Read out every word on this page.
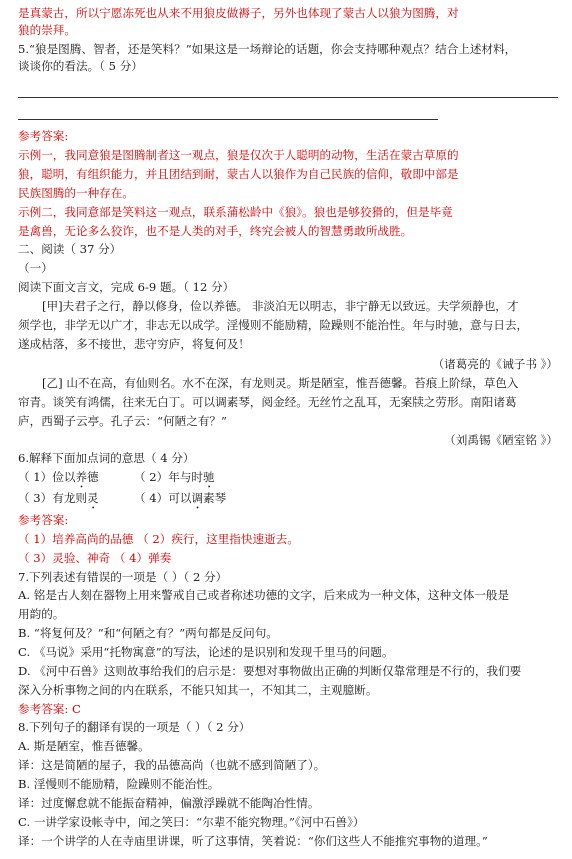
是真蒙古，所以宁愿冻死也从来不用狼皮做褥子，另外也体现了蒙古人以狼为图腾，对
狼的崇拜。
5.“狼是图腾、智者，还是笑料？”如果这是一场辩论的话题，你会支持哪种观点？结合上述材料，
谈谈你的看法。（ 5 分）
参考答案:
示例一，我同意狼是图腾制者这一观点，狼是仅次于人聪明的动物，生活在蒙古草原的
狼，聪明，有组织能力，并且团结到耐，蒙古人以狼作为自己民族的信仰，敬即中部是
民族图腾的一种存在。
示例二，我同意部是笑料这一观点，联系蒲松龄中《狼》。狼也是够狡猾的，但是毕竟
是禽兽，无论多么狡诈，也不是人类的对手，终究会被人的智慧勇敢所战胜。
二、阅读（ 37 分）
（一）
阅读下面文言文，完成 6-9 题。（ 12 分）
[甲]夫君子之行，静以修身，俭以养德。 非淡泊无以明志，非宁静无以致远。夫学须静也，才
须学也，非学无以广才，非志无以成学。淫慢则不能励精，险躁则不能治性。年与时驰，意与日去，
遂成枯落，多不接世，悲守穷庐，将复何及！
（诸葛亮的《诫子书 》）
[乙] 山不在高，有仙则名。水不在深，有龙则灵。斯是陋室，惟吾德馨。苔痕上阶绿，草色入
帘青。谈笑有鸿儒，往来无白丁。可以调素琴，阅金经。无丝竹之乱耳，无案牍之劳形。南阳诸葛
庐，西蜀子云亭。孔子云：“何陋之有？”
（刘禹锡《陋室铭 》）
6.解释下面加点词的意思（ 4 分）
（ 1）俭以养德	（ 2）年与时驰
（ 3）有龙则灵	（ 4）可以调素琴
参考答案:
（ 1）培养高尚的品德 （ 2）疾行，这里指快速逝去。
（ 3）灵验、神奇 （ 4）弹奏
7.下列表述有错误的一项是（ ）（ 2 分）
A. 铭是古人刻在器物上用来警戒自己或者称述功德的文字，后来成为一种文体，这种文体一般是
用韵的。
B. “将复何及？”和“何陋之有？”两句都是反问句。
C. 《马说》采用“托物寓意”的写法，论述的是识别和发现千里马的问题。
D. 《河中石兽》这则故事给我们的启示是：要想对事物做出正确的判断仅靠常理是不行的，我们要
深入分析事物之间的内在联系，不能只知其一，不知其二，主观臆断。
参考答案: C
8.下列句子的翻译有误的一项是（ ）（ 2 分）
A. 斯是陋室，惟吾德馨。
译：这是简陋的屋子，我的品德高尚（也就不感到简陋了）。
B. 淫慢则不能励精，险躁则不能治性。
译：过度懈怠就不能振奋精神，偏激浮躁就不能陶冶性情。
C. 一讲学家设帐寺中，闻之笑曰：“尔辈不能究物理。”《河中石兽》）
译：一个讲学的人在寺庙里讲课，听了这事情，笑着说：“你们这些人不能推究事物的道理。”
